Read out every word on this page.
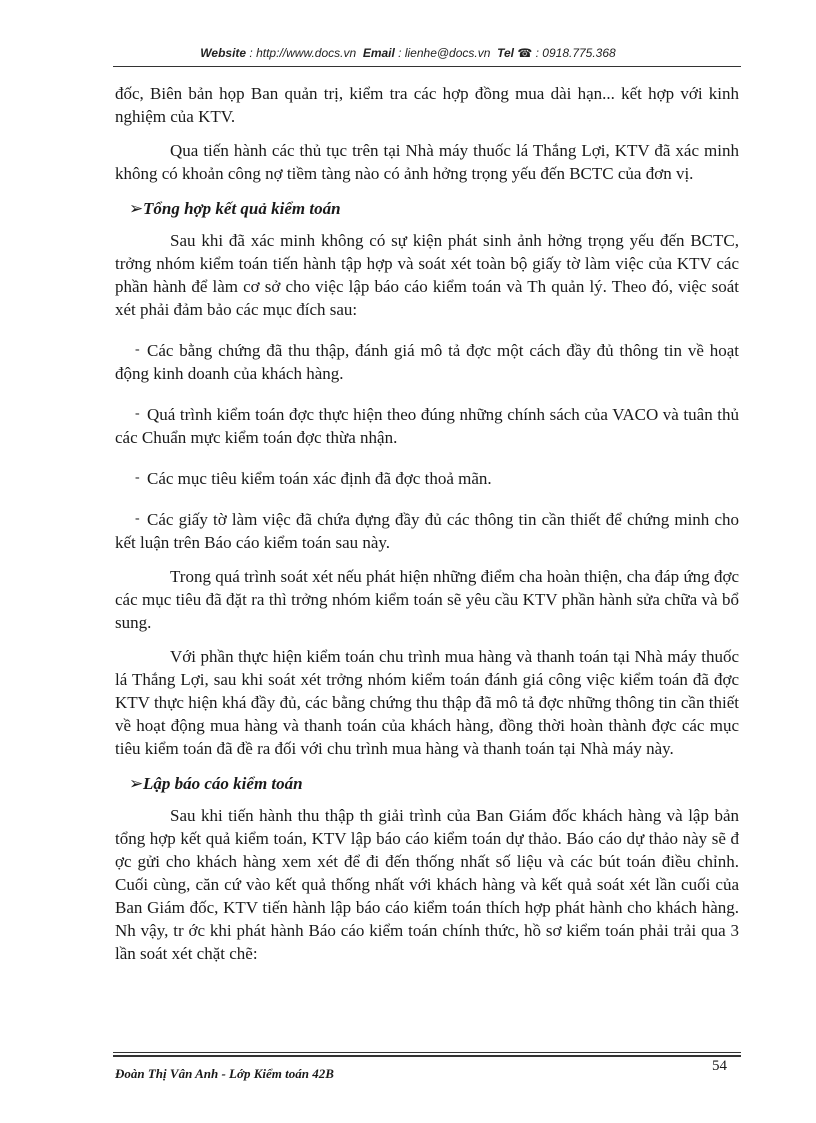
Website : http://www.docs.vn Email : lienhe@docs.vn Tel ☎ : 0918.775.368

đốc, Biên bản họp Ban quản trị, kiểm tra các hợp đồng mua dài hạn... kết hợp với kinh nghiệm của KTV.

Qua tiến hành các thủ tục trên tại Nhà máy thuốc lá Thắng Lợi, KTV đã xác minh không có khoản công nợ tiềm tàng nào có ảnh hởng trọng yếu đến BCTC của đơn vị.

➢ Tổng hợp kết quả kiểm toán

Sau khi đã xác minh không có sự kiện phát sinh ảnh hởng trọng yếu đến BCTC, trởng nhóm kiểm toán tiến hành tập hợp và soát xét toàn bộ giấy tờ làm việc của KTV các phần hành để làm cơ sở cho việc lập báo cáo kiểm toán và Th quản lý. Theo đó, việc soát xét phải đảm bảo các mục đích sau:

- Các bằng chứng đã thu thập, đánh giá mô tả đợc một cách đầy đủ thông tin về hoạt động kinh doanh của khách hàng.

- Quá trình kiểm toán đợc thực hiện theo đúng những chính sách của VACO và tuân thủ các Chuẩn mực kiểm toán đợc thừa nhận.

- Các mục tiêu kiểm toán xác định đã đợc thoả mãn.

- Các giấy tờ làm việc đã chứa đựng đầy đủ các thông tin cần thiết để chứng minh cho kết luận trên Báo cáo kiểm toán sau này.

Trong quá trình soát xét nếu phát hiện những điểm cha hoàn thiện, cha đáp ứng đợc các mục tiêu đã đặt ra thì trởng nhóm kiểm toán sẽ yêu cầu KTV phần hành sửa chữa và bổ sung.

Với phần thực hiện kiểm toán chu trình mua hàng và thanh toán tại Nhà máy thuốc lá Thắng Lợi, sau khi soát xét trởng nhóm kiểm toán đánh giá công việc kiểm toán đã đợc KTV thực hiện khá đầy đủ, các bằng chứng thu thập đã mô tả đợc những thông tin cần thiết về hoạt động mua hàng và thanh toán của khách hàng, đồng thời hoàn thành đợc các mục tiêu kiểm toán đã đề ra đối với chu trình mua hàng và thanh toán tại Nhà máy này.

➢ Lập báo cáo kiểm toán

Sau khi tiến hành thu thập th giải trình của Ban Giám đốc khách hàng và lập bản tổng hợp kết quả kiểm toán, KTV lập báo cáo kiểm toán dự thảo. Báo cáo dự thảo này sẽ đ ợc gửi cho khách hàng xem xét để đi đến thống nhất số liệu và các bút toán điều chỉnh. Cuối cùng, căn cứ vào kết quả thống nhất với khách hàng và kết quả soát xét lần cuối của Ban Giám đốc, KTV tiến hành lập báo cáo kiểm toán thích hợp phát hành cho khách hàng. Nh vậy, tr ớc khi phát hành Báo cáo kiểm toán chính thức, hồ sơ kiểm toán phải trải qua 3 lần soát xét chặt chẽ:

Đoàn Thị Vân Anh - Lớp Kiểm toán 42B	54
